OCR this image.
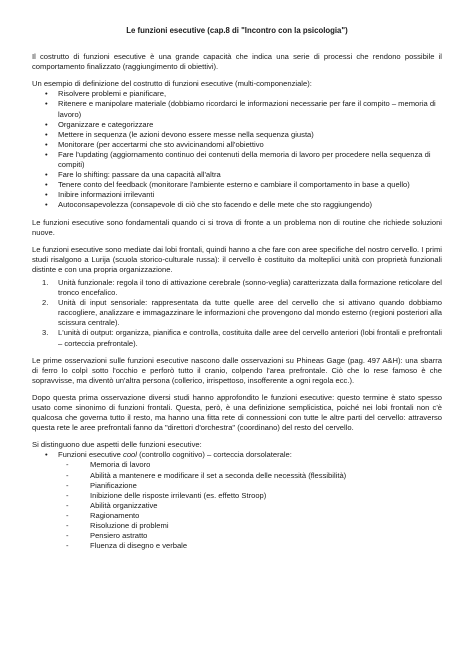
Le funzioni esecutive (cap.8 di "Incontro con la psicologia")

Il costrutto di funzioni esecutive è una grande capacità che indica una serie di processi che rendono possibile il comportamento finalizzato (raggiungimento di obiettivi).

Un esempio di definizione del costrutto di funzioni esecutive (multi-componenziale):

• Risolvere problemi e pianificare,
• Ritenere e manipolare materiale (dobbiamo ricordarci le informazioni necessarie per fare il compito – memoria di lavoro)
• Organizzare e categorizzare
• Mettere in sequenza (le azioni devono essere messe nella sequenza giusta)
• Monitorare (per accertarmi che sto avvicinandomi all'obiettivo
• Fare l'updating (aggiornamento continuo dei contenuti della memoria di lavoro per procedere nella sequenza di compiti)
• Fare lo shifting: passare da una capacità all'altra
• Tenere conto del feedback (monitorare l'ambiente esterno e cambiare il comportamento in base a quello)
• Inibire informazioni irrilevanti
• Autoconsapevolezza (consapevole di ciò che sto facendo e delle mete che sto raggiungendo)

Le funzioni esecutive sono fondamentali quando ci si trova di fronte a un problema non di routine che richiede soluzioni nuove.

Le funzioni esecutive sono mediate dai lobi frontali, quindi hanno a che fare con aree specifiche del nostro cervello. I primi studi risalgono a Lurija (scuola storico-culturale russa): il cervello è costituito da molteplici unità con proprietà funzionali distinte e con una propria organizzazione.

1. Unità funzionale: regola il tono di attivazione cerebrale (sonno-veglia) caratterizzata dalla formazione reticolare del tronco encefalico.
2. Unità di input sensoriale: rappresentata da tutte quelle aree del cervello che si attivano quando dobbiamo raccogliere, analizzare e immagazzinare le informazioni che provengono dal mondo esterno (regioni posteriori alla scissura centrale).
3. L'unità di output: organizza, pianifica e controlla, costituita dalle aree del cervello anteriori (lobi frontali e prefrontali – corteccia prefrontale).

Le prime osservazioni sulle funzioni esecutive nascono dalle osservazioni su Phineas Gage (pag. 497 A&H): una sbarra di ferro lo colpì sotto l'occhio e perforò tutto il cranio, colpendo l'area prefrontale. Ciò che lo rese famoso è che sopravvisse, ma diventò un'altra persona (collerico, irrispettoso, insofferente a ogni regola ecc.).

Dopo questa prima osservazione diversi studi hanno approfondito le funzioni esecutive: questo termine è stato spesso usato come sinonimo di funzioni frontali. Questa, però, è una definizione semplicistica, poiché nei lobi frontali non c'è qualcosa che governa tutto il resto, ma hanno una fitta rete di connessioni con tutte le altre parti del cervello: attraverso questa rete le aree prefrontali fanno da "direttori d'orchestra" (coordinano) del resto del cervello.

Si distinguono due aspetti delle funzioni esecutive:

• Funzioni esecutive cool (controllo cognitivo) – corteccia dorsolaterale:
- Memoria di lavoro
- Abilità a mantenere e modificare il set a seconda delle necessità (flessibilità)
- Pianificazione
- Inibizione delle risposte irrilevanti (es. effetto Stroop)
- Abilità organizzative
- Ragionamento
- Risoluzione di problemi
- Pensiero astratto
- Fluenza di disegno e verbale
